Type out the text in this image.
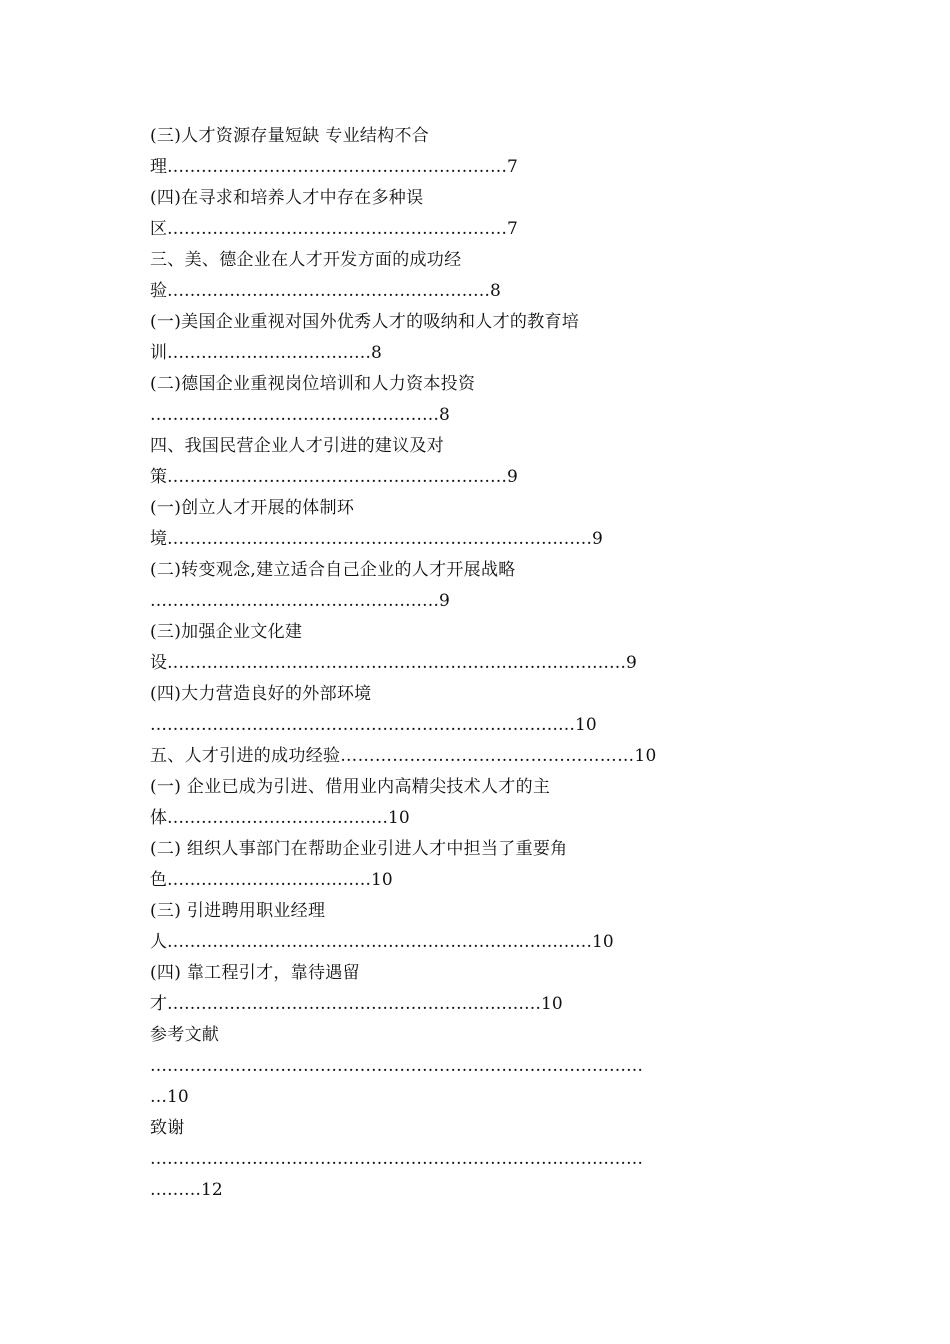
(三)人才资源存量短缺 专业结构不合
理……………………………………………………7
(四)在寻求和培养人才中存在多种误
区……………………………………………………7
三、美、德企业在人才开发方面的成功经
验…………………………………………………8
(一)美国企业重视对国外优秀人才的吸纳和人才的教育培
训………………………………8
(二)德国企业重视岗位培训和人力资本投资
……………………………………………8
四、我国民营企业人才引进的建议及对
策……………………………………………………9
(一)创立人才开展的体制环
境…………………………………………………………………9
(二)转变观念,建立适合自己企业的人才开展战略
……………………………………………9
(三)加强企业文化建
设………………………………………………………………………9
(四)大力营造良好的外部环境
…………………………………………………………………10
五、人才引进的成功经验……………………………………………10
(一) 企业已成为引进、借用业内高精尖技术人才的主
体…………………………………10
(二) 组织人事部门在帮助企业引进人才中担当了重要角
色………………………………10
(三) 引进聘用职业经理
人…………………………………………………………………10
(四) 靠工程引才，靠待遇留
才…………………………………………………………10
参考文献
……………………………………………………………………………
…10
致谢
……………………………………………………………………………
………12
